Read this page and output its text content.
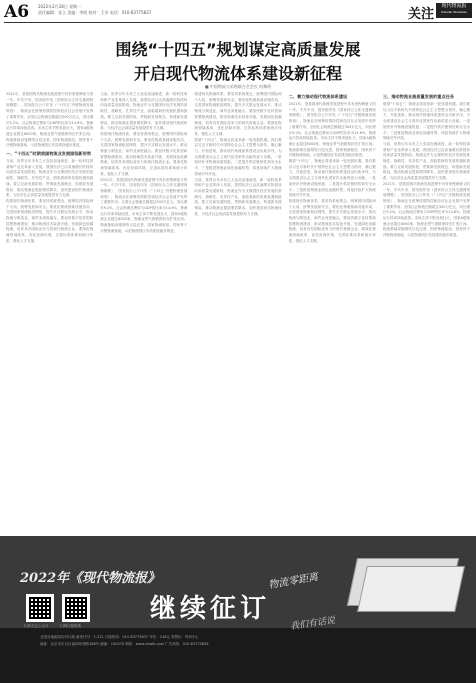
A6 2022年2月28日 星期一
责任编辑：张立 美编：李明 校对：王芳 电话：010-83775837	关注
现代物流报
Xiandai Wuliubao
围绕“十四五”规划谋定高质量发展
开启现代物流体系建设新征程
■ 中国物流与采购联合会会长 何黎明
2021年，是我国现代物流发展进程中具有里程碑意义的一年。中共中央、国务院印发《国家综合立体交通网规划纲要》，国务院办公厅印发《“十四五”冷链物流发展规划》，物流业在统筹疫情防控和经济社会发展中发挥了重要作用。全国社会物流总额超过300万亿元，同比增长9.2%，社会物流总费用与GDP的比率为14.6%，物流运行效率持续改善。市场主体不断发展壮大，国家A级物流企业超过8000家，物流业景气指数保持在扩张区间。物流基础设施网络日趋完善，国家物流枢纽、国家骨干冷链物流基地、示范物流园区布局建设稳步推进。
一、“十四五”时期我国物流业发展面临新形势
当前，世界百年未有之大变局加速演进，新一轮科技革命和产业变革深入发展，我国经济已由高速增长阶段转向高质量发展阶段。物流业作为支撑国民经济发展的基础性、战略性、先导性产业，面临着新的发展机遇和挑战。要立足新发展阶段，贯彻新发展理念，构建新发展格局，推动物流业提质增效降本，加快建设现代物流体系，为经济社会高质量发展提供有力支撑。
构建现代物流体系，要坚持系统观念，统筹国内国际两个大局，统筹发展和安全。要优化物流基础设施布局，完善国家物流枢纽网络，提升多式联运发展水平，推动物流与制造业、商贸业深度融合。要加快数字化转型和智慧物流建设，推动物流技术装备升级，发展绿色低碳物流，培育具有国际竞争力的现代物流企业。要深化物流领域改革，优化营商环境，完善标准体系和统计体系，强化人才支撑。
当前，世界百年未有之大变局加速演进，新一轮科技革命和产业变革深入发展，我国经济已由高速增长阶段转向高质量发展阶段。物流业作为支撑国民经济发展的基础性、战略性、先导性产业，面临着新的发展机遇和挑战。要立足新发展阶段，贯彻新发展理念，构建新发展格局，推动物流业提质增效降本，加快建设现代物流体系，为经济社会高质量发展提供有力支撑。
构建现代物流体系，要坚持系统观念，统筹国内国际两个大局，统筹发展和安全。要优化物流基础设施布局，完善国家物流枢纽网络，提升多式联运发展水平，推动物流与制造业、商贸业深度融合。要加快数字化转型和智慧物流建设，推动物流技术装备升级，发展绿色低碳物流，培育具有国际竞争力的现代物流企业。要深化物流领域改革，优化营商环境，完善标准体系和统计体系，强化人才支撑。
2021年，是我国现代物流发展进程中具有里程碑意义的一年。中共中央、国务院印发《国家综合立体交通网规划纲要》，国务院办公厅印发《“十四五”冷链物流发展规划》，物流业在统筹疫情防控和经济社会发展中发挥了重要作用。全国社会物流总额超过300万亿元，同比增长9.2%，社会物流总费用与GDP的比率为14.6%，物流运行效率持续改善。市场主体不断发展壮大，国家A级物流企业超过8000家，物流业景气指数保持在扩张区间。物流基础设施网络日趋完善，国家物流枢纽、国家骨干冷链物流基地、示范物流园区布局建设稳步推进。
构建现代物流体系，要坚持系统观念，统筹国内国际两个大局，统筹发展和安全。要优化物流基础设施布局，完善国家物流枢纽网络，提升多式联运发展水平，推动物流与制造业、商贸业深度融合。要加快数字化转型和智慧物流建设，推动物流技术装备升级，发展绿色低碳物流，培育具有国际竞争力的现代物流企业。要深化物流领域改革，优化营商环境，完善标准体系和统计体系，强化人才支撑。
展望“十四五”，物流业将迎来新一轮发展机遇。我们要以习近平新时代中国特色社会主义思想为指导，凝心聚力，开拓进取，推动现代物流体系建设迈出新步伐，为全面建设社会主义现代化国家作出新的更大贡献。一是加快补齐物流设施短板；二是提升供应链韧性和安全水平；三是推进物流业绿色低碳转型；四是持续扩大物流领域对外开放。
当前，世界百年未有之大变局加速演进，新一轮科技革命和产业变革深入发展，我国经济已由高速增长阶段转向高质量发展阶段。物流业作为支撑国民经济发展的基础性、战略性、先导性产业，面临着新的发展机遇和挑战。要立足新发展阶段，贯彻新发展理念，构建新发展格局，推动物流业提质增效降本，加快建设现代物流体系，为经济社会高质量发展提供有力支撑。
二、着力推动现代物流体系建设
2021年，是我国现代物流发展进程中具有里程碑意义的一年。中共中央、国务院印发《国家综合立体交通网规划纲要》，国务院办公厅印发《“十四五”冷链物流发展规划》，物流业在统筹疫情防控和经济社会发展中发挥了重要作用。全国社会物流总额超过300万亿元，同比增长9.2%，社会物流总费用与GDP的比率为14.6%，物流运行效率持续改善。市场主体不断发展壮大，国家A级物流企业超过8000家，物流业景气指数保持在扩张区间。物流基础设施网络日趋完善，国家物流枢纽、国家骨干冷链物流基地、示范物流园区布局建设稳步推进。
展望“十四五”，物流业将迎来新一轮发展机遇。我们要以习近平新时代中国特色社会主义思想为指导，凝心聚力，开拓进取，推动现代物流体系建设迈出新步伐，为全面建设社会主义现代化国家作出新的更大贡献。一是加快补齐物流设施短板；二是提升供应链韧性和安全水平；三是推进物流业绿色低碳转型；四是持续扩大物流领域对外开放。
构建现代物流体系，要坚持系统观念，统筹国内国际两个大局，统筹发展和安全。要优化物流基础设施布局，完善国家物流枢纽网络，提升多式联运发展水平，推动物流与制造业、商贸业深度融合。要加快数字化转型和智慧物流建设，推动物流技术装备升级，发展绿色低碳物流，培育具有国际竞争力的现代物流企业。要深化物流领域改革，优化营商环境，完善标准体系和统计体系，强化人才支撑。
三、推动物流业高质量发展的重点任务
展望“十四五”，物流业将迎来新一轮发展机遇。我们要以习近平新时代中国特色社会主义思想为指导，凝心聚力，开拓进取，推动现代物流体系建设迈出新步伐，为全面建设社会主义现代化国家作出新的更大贡献。一是加快补齐物流设施短板；二是提升供应链韧性和安全水平；三是推进物流业绿色低碳转型；四是持续扩大物流领域对外开放。
当前，世界百年未有之大变局加速演进，新一轮科技革命和产业变革深入发展，我国经济已由高速增长阶段转向高质量发展阶段。物流业作为支撑国民经济发展的基础性、战略性、先导性产业，面临着新的发展机遇和挑战。要立足新发展阶段，贯彻新发展理念，构建新发展格局，推动物流业提质增效降本，加快建设现代物流体系，为经济社会高质量发展提供有力支撑。
2021年，是我国现代物流发展进程中具有里程碑意义的一年。中共中央、国务院印发《国家综合立体交通网规划纲要》，国务院办公厅印发《“十四五”冷链物流发展规划》，物流业在统筹疫情防控和经济社会发展中发挥了重要作用。全国社会物流总额超过300万亿元，同比增长9.2%，社会物流总费用与GDP的比率为14.6%，物流运行效率持续改善。市场主体不断发展壮大，国家A级物流企业超过8000家，物流业景气指数保持在扩张区间。物流基础设施网络日趋完善，国家物流枢纽、国家骨干冷链物流基地、示范物流园区布局建设稳步推进。
2022年《现代物流报》
继续征订
物流零距离
我们有话说
扫码关注公众号	扫码订阅报纸
全国各地邮局均可订阅 邮发代号：1-221 订阅热线：010-83775837 年价：216元 零售价：每份3元
地址：北京市丰台区南四环西路188号 邮编：100070 网址：www.xdwlb.com 广告热线：010-83775836
